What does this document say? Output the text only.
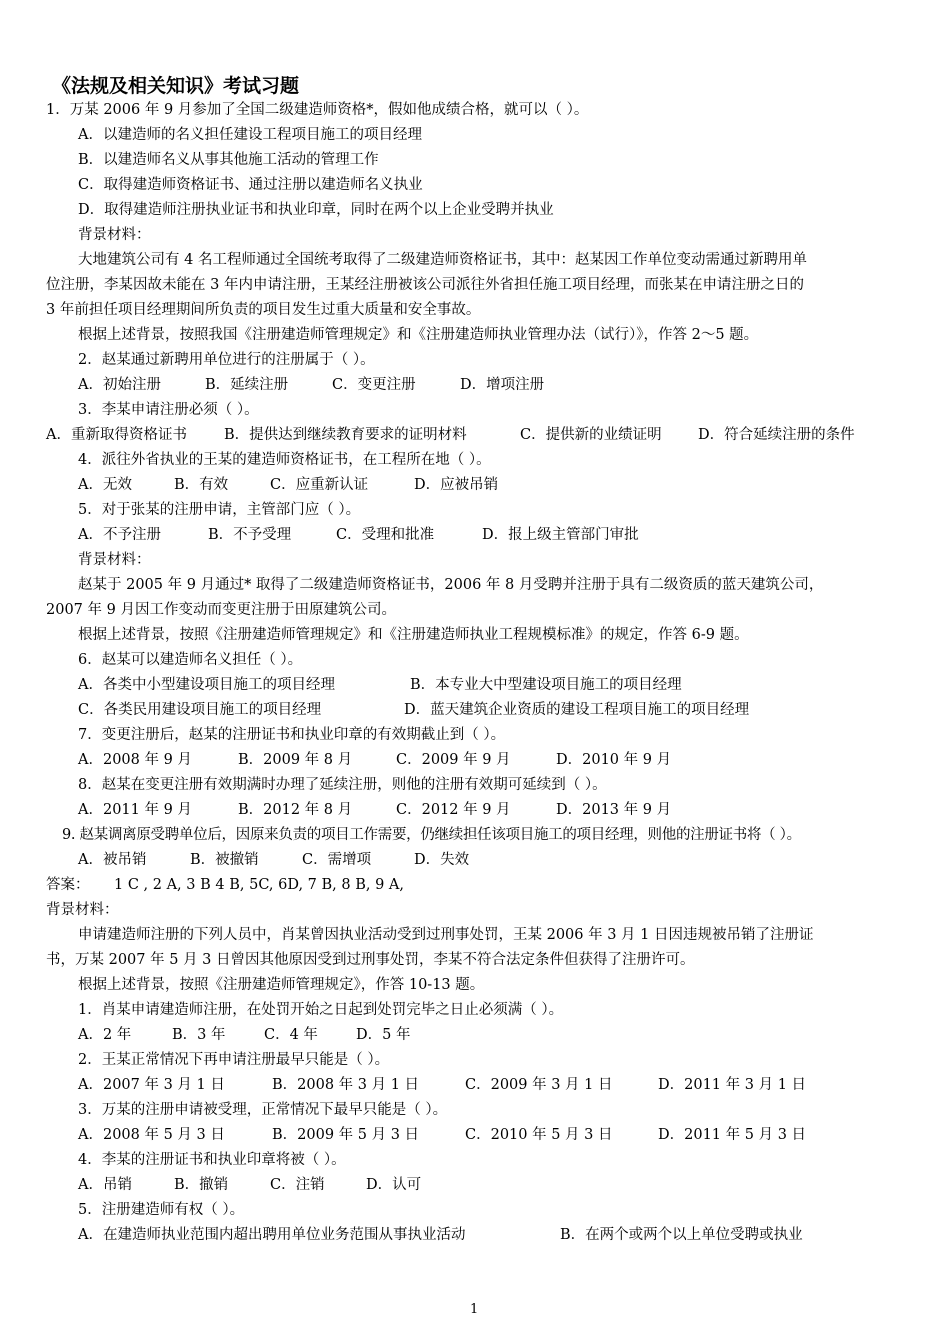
《法规及相关知识》考试习题
1．万某 2006 年 9 月参加了全国二级建造师资格*，假如他成绩合格，就可以（ ）。
A．以建造师的名义担任建设工程项目施工的项目经理
B．以建造师名义从事其他施工活动的管理工作
C．取得建造师资格证书、通过注册以建造师名义执业
D．取得建造师注册执业证书和执业印章，同时在两个以上企业受聘并执业
背景材料：
大地建筑公司有 4 名工程师通过全国统考取得了二级建造师资格证书，其中：赵某因工作单位变动需通过新聘用单
位注册，李某因故未能在 3 年内申请注册，王某经注册被该公司派往外省担任施工项目经理，而张某在申请注册之日的
3 年前担任项目经理期间所负责的项目发生过重大质量和安全事故。
根据上述背景，按照我国《注册建造师管理规定》和《注册建造师执业管理办法（试行）》，作答 2～5 题。
2．赵某通过新聘用单位进行的注册属于（ ）。
A．初始注册	B．延续注册	C．变更注册	D．增项注册
3．李某申请注册必须（ ）。
A．重新取得资格证书	B．提供达到继续教育要求的证明材料	C．提供新的业绩证明	D．符合延续注册的条件
4．派往外省执业的王某的建造师资格证书，在工程所在地（ ）。
A．无效	B．有效	C．应重新认证	D．应被吊销
5．对于张某的注册申请，主管部门应（ ）。
A．不予注册	B．不予受理	C．受理和批准	D．报上级主管部门审批
背景材料：
赵某于 2005 年 9 月通过* 取得了二级建造师资格证书，2006 年 8 月受聘并注册于具有二级资质的蓝天建筑公司，
2007 年 9 月因工作变动而变更注册于田原建筑公司。
根据上述背景，按照《注册建造师管理规定》和《注册建造师执业工程规模标准》的规定，作答 6-9 题。
6．赵某可以建造师名义担任（ ）。
A．各类中小型建设项目施工的项目经理	B．本专业大中型建设项目施工的项目经理
C．各类民用建设项目施工的项目经理	D．蓝天建筑企业资质的建设工程项目施工的项目经理
7．变更注册后，赵某的注册证书和执业印章的有效期截止到（ ）。
A．2008 年 9 月	B．2009 年 8 月	C．2009 年 9 月	D．2010 年 9 月
8．赵某在变更注册有效期满时办理了延续注册，则他的注册有效期可延续到（ ）。
A．2011 年 9 月	B．2012 年 8 月	C．2012 年 9 月	D．2013 年 9 月
9. 赵某调离原受聘单位后，因原来负责的项目工作需要，仍继续担任该项目施工的项目经理，则他的注册证书将（ ）。
A．被吊销	B．被撤销	C．需增项	D．失效
答案： 1 C , 2 A, 3 B 4 B, 5C, 6D, 7 B, 8 B, 9 A,
背景材料：
申请建造师注册的下列人员中，肖某曾因执业活动受到过刑事处罚，王某 2006 年 3 月 1 日因违规被吊销了注册证
书，万某 2007 年 5 月 3 日曾因其他原因受到过刑事处罚，李某不符合法定条件但获得了注册许可。
根据上述背景，按照《注册建造师管理规定》，作答 10-13 题。
1．肖某申请建造师注册，在处罚开始之日起到处罚完毕之日止必须满（ ）。
A．2 年	B．3 年	C．4 年	D．5 年
2．王某正常情况下再申请注册最早只能是（ ）。
A．2007 年 3 月 1 日	B．2008 年 3 月 1 日	C．2009 年 3 月 1 日	D．2011 年 3 月 1 日
3．万某的注册申请被受理，正常情况下最早只能是（ ）。
A．2008 年 5 月 3 日	B．2009 年 5 月 3 日	C．2010 年 5 月 3 日	D．2011 年 5 月 3 日
4．李某的注册证书和执业印章将被（ ）。
A．吊销	B．撤销	C．注销	D．认可
5．注册建造师有权（ ）。
A．在建造师执业范围内超出聘用单位业务范围从事执业活动	B．在两个或两个以上单位受聘或执业
1
